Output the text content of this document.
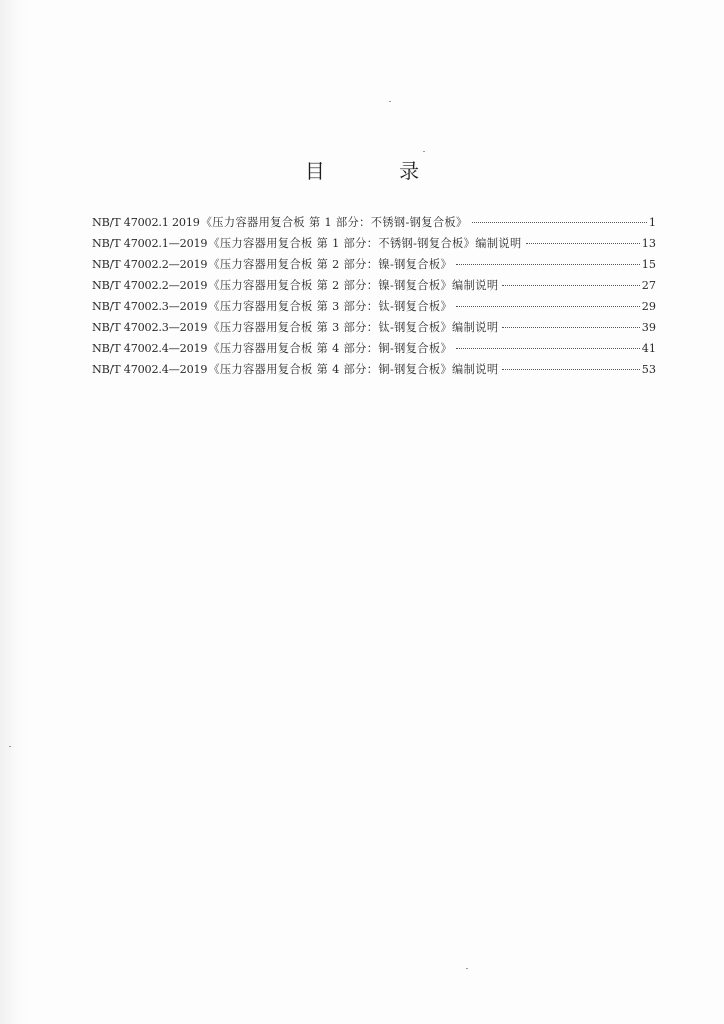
目 录
NB/T 47002.1 2019 《压力容器用复合板 第 1 部分：不锈钢-钢复合板》	1
NB/T 47002.1—2019 《压力容器用复合板 第 1 部分：不锈钢-钢复合板》编制说明	13
NB/T 47002.2—2019 《压力容器用复合板 第 2 部分：镍-钢复合板》	15
NB/T 47002.2—2019 《压力容器用复合板 第 2 部分：镍-钢复合板》编制说明	27
NB/T 47002.3—2019 《压力容器用复合板 第 3 部分：钛-钢复合板》	29
NB/T 47002.3—2019 《压力容器用复合板 第 3 部分：钛-钢复合板》编制说明	39
NB/T 47002.4—2019 《压力容器用复合板 第 4 部分：铜-钢复合板》	41
NB/T 47002.4—2019 《压力容器用复合板 第 4 部分：铜-钢复合板》编制说明	53
